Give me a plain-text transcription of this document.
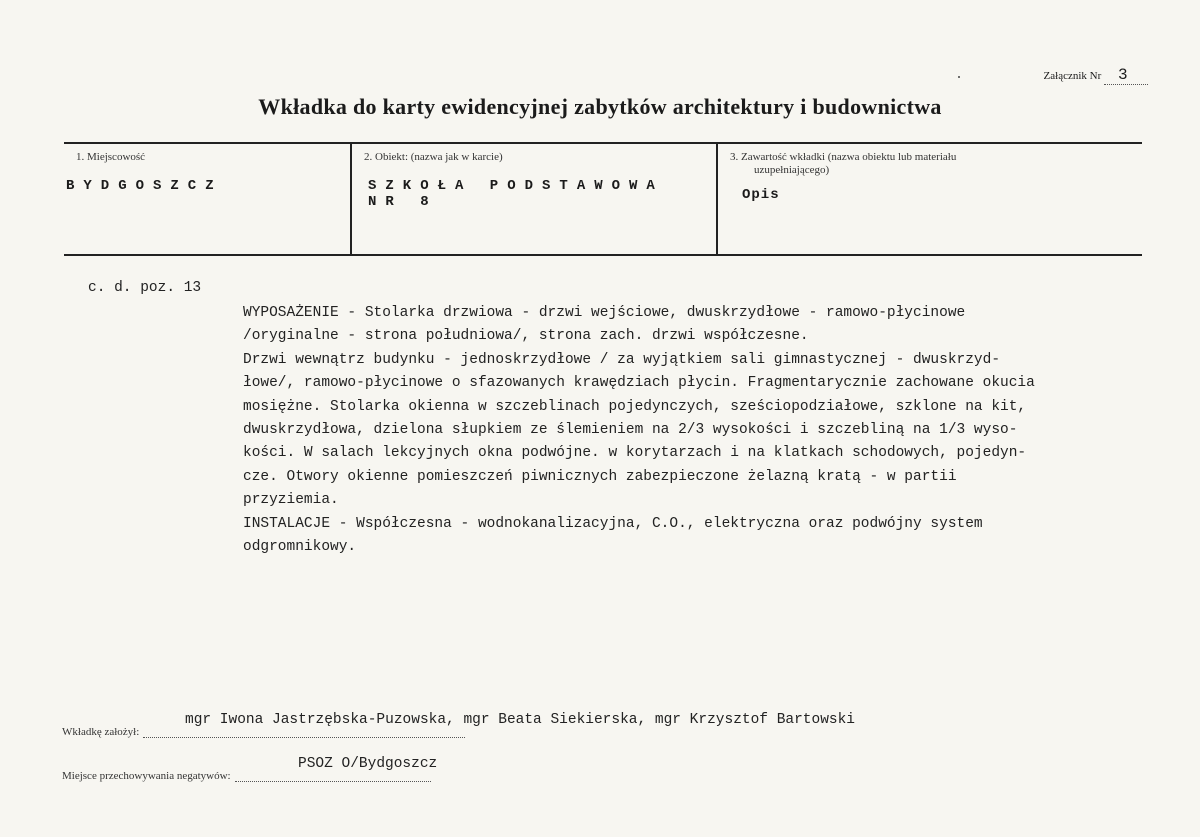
Załącznik Nr 3
Wkładka do karty ewidencyjnej zabytków architektury i budownictwa
1. Miejscowość
BYDGOSZCZ
2. Obiekt: (nazwa jak w karcie)
SZKOŁA PODSTAWOWA
NR 8
3. Zawartość wkładki (nazwa obiektu lub materiału
uzupełniającego)
Opis
c. d. poz. 13

WYPOSAŻENIE - Stolarka drzwiowa - drzwi wejściowe, dwuskrzydłowe - ramowo-płycinowe

/oryginalne - strona południowa/, strona zach. drzwi współczesne.

Drzwi wewnątrz budynku - jednoskrzydłowe / za wyjątkiem sali gimnastycznej - dwuskrzyd-

łowe/, ramowo-płycinowe o sfazowanych krawędziach płycin. Fragmentarycznie zachowane okucia

mosiężne. Stolarka okienna w szczeblinach pojedynczych, sześciopodziałowe, szklone na kit,

dwuskrzydłowa, dzielona słupkiem ze ślemieniem na 2/3 wysokości i szczebliną na 1/3 wyso-

kości. W salach lekcyjnych okna podwójne. w korytarzach i na klatkach schodowych, pojedyn-

cze. Otwory okienne pomieszczeń piwnicznych zabezpieczone żelazną kratą - w partii

przyziemia.

INSTALACJE - Współczesna - wodnokanalizacyjna, C.O., elektryczna oraz podwójny system

odgromnikowy.

Wkładkę założył:
mgr Iwona Jastrzębska-Puzowska, mgr Beata Siekierska, mgr Krzysztof Bartowski
Miejsce przechowywania negatywów:
PSOZ O/Bydgoszcz
